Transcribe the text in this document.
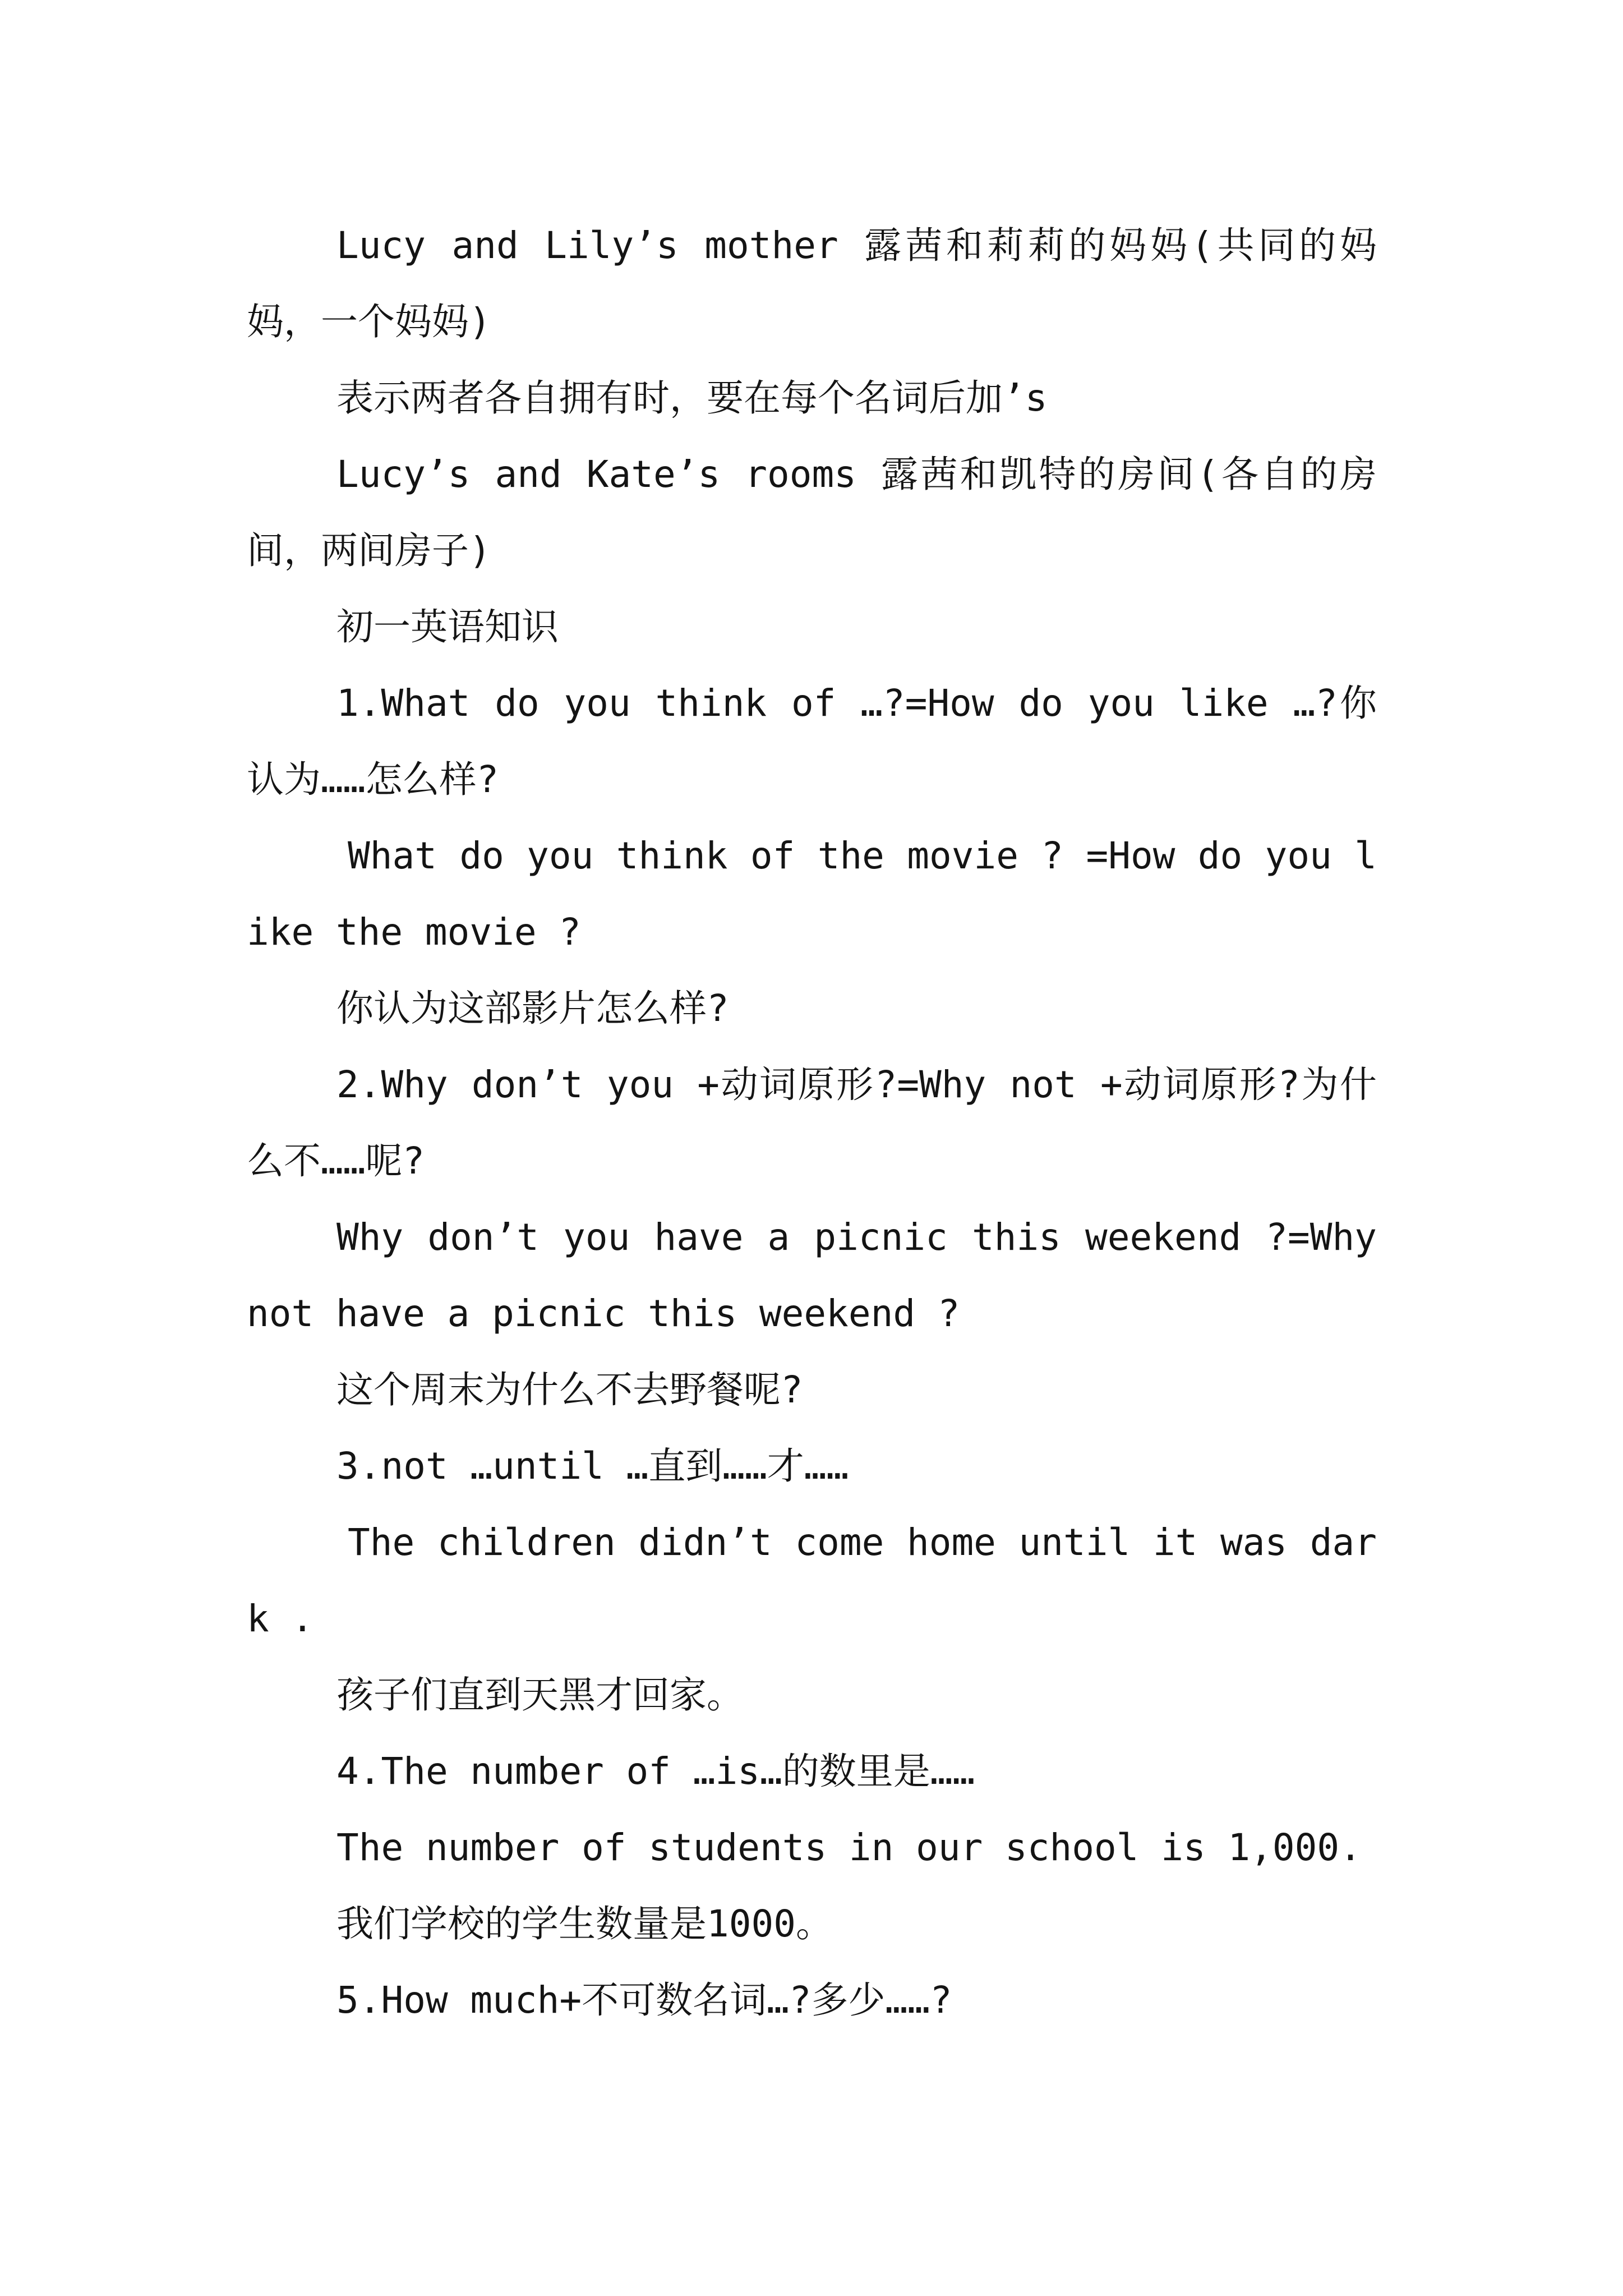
Lucy and Lily’s mother 露茜和莉莉的妈妈(共同的妈妈，一个妈妈)

表示两者各自拥有时，要在每个名词后加’s

Lucy’s and Kate’s rooms 露茜和凯特的房间(各自的房间，两间房子)

初一英语知识

1.What do you think of …?=How do you like …?你认为……怎么样?

What do you think of the movie ? =How do you like the movie ?

你认为这部影片怎么样?

2.Why don’t you +动词原形?=Why not +动词原形?为什么不……呢?

Why don’t you have a picnic this weekend ?=Why not have a picnic this weekend ?

这个周末为什么不去野餐呢?

3.not …until …直到……才……

The children didn’t come home until it was dark .

孩子们直到天黑才回家。

4.The number of …is…的数里是……

The number of students in our school is 1,000.

我们学校的学生数量是1000。

5.How much+不可数名词…?多少……?
